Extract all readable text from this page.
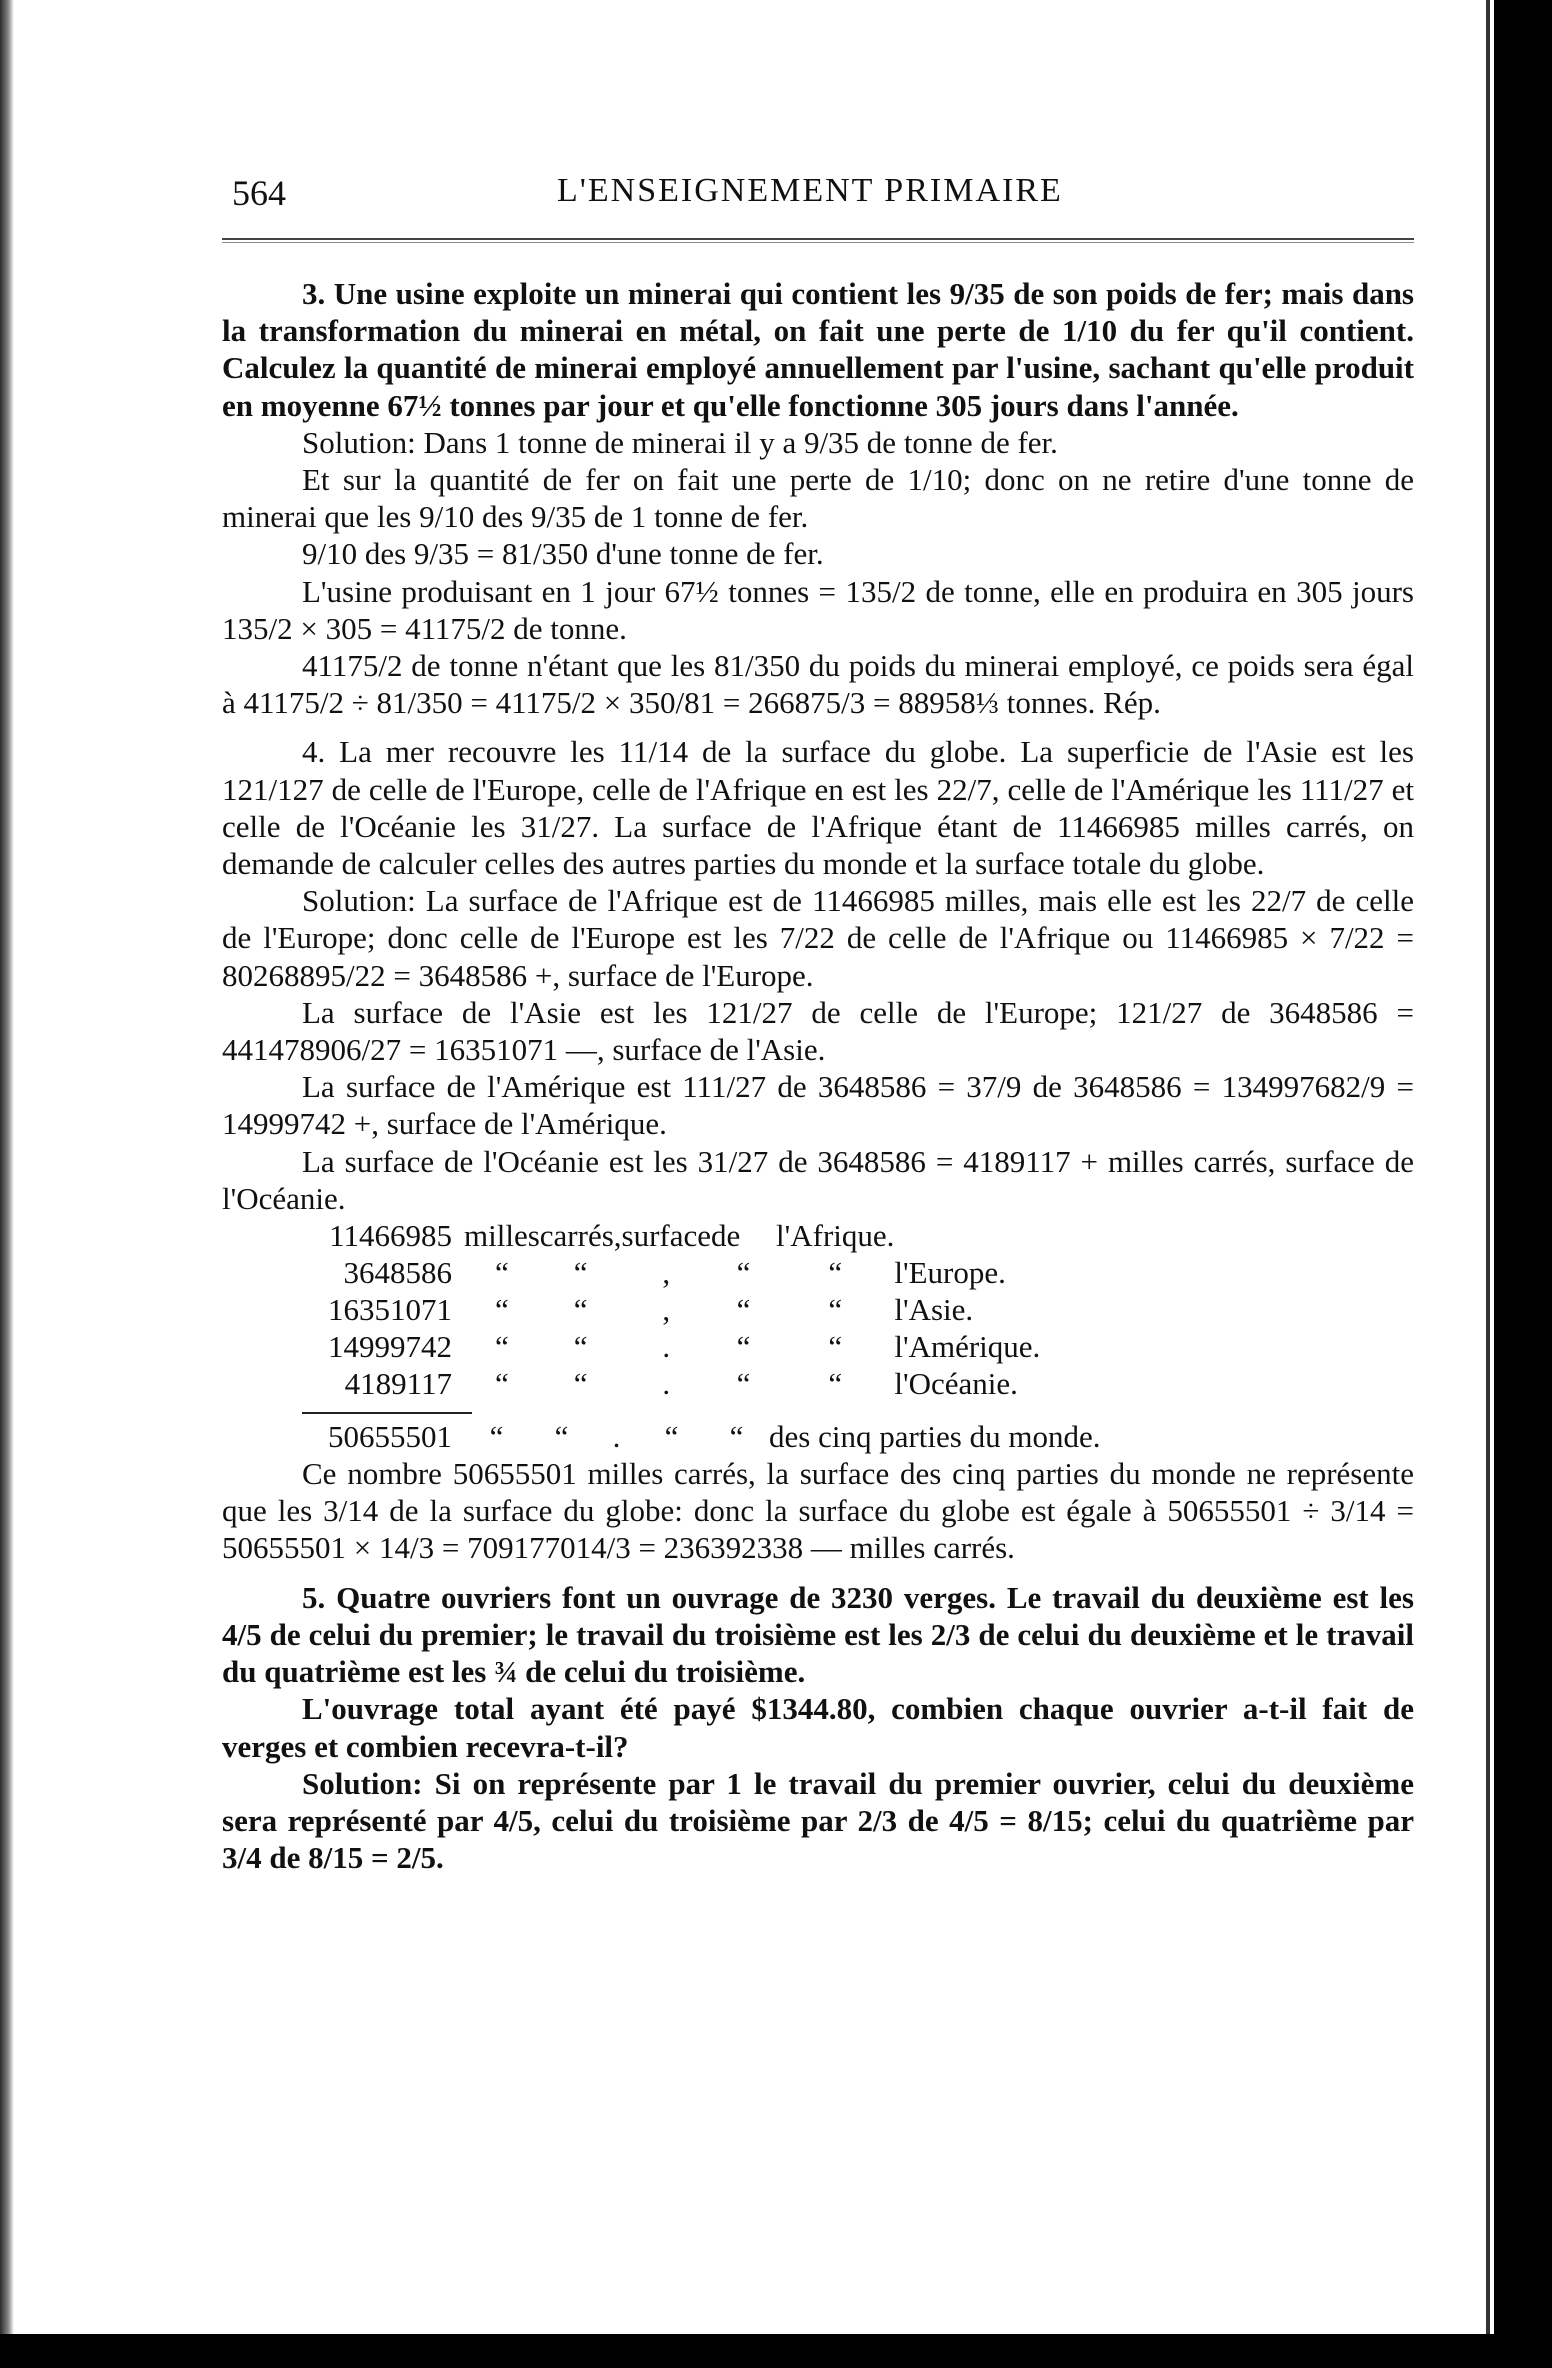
564	L'ENSEIGNEMENT PRIMAIRE

3. Une usine exploite un minerai qui contient les 9/35 de son poids de fer; mais dans la transformation du minerai en métal, on fait une perte de 1/10 du fer qu'il contient. Calculez la quantité de minerai employé annuellement par l'usine, sachant qu'elle produit en moyenne 67½ tonnes par jour et qu'elle fonctionne 305 jours dans l'année.

Solution: Dans 1 tonne de minerai il y a 9/35 de tonne de fer.

Et sur la quantité de fer on fait une perte de 1/10; donc on ne retire d'une tonne de minerai que les 9/10 des 9/35 de 1 tonne de fer.

9/10 des 9/35 = 81/350 d'une tonne de fer.

L'usine produisant en 1 jour 67½ tonnes = 135/2 de tonne, elle en produira en 305 jours 135/2 × 305 = 41175/2 de tonne.

41175/2 de tonne n'étant que les 81/350 du poids du minerai employé, ce poids sera égal à 41175/2 ÷ 81/350 = 41175/2 × 350/81 = 266875/3 = 88958⅓ tonnes. Rép.

4. La mer recouvre les 11/14 de la surface du globe. La superficie de l'Asie est les 121/127 de celle de l'Europe, celle de l'Afrique en est les 22/7, celle de l'Amérique les 111/27 et celle de l'Océanie les 31/27. La surface de l'Afrique étant de 11466985 milles carrés, on demande de calculer celles des autres parties du monde et la surface totale du globe.

Solution: La surface de l'Afrique est de 11466985 milles, mais elle est les 22/7 de celle de l'Europe; donc celle de l'Europe est les 7/22 de celle de l'Afrique ou 11466985 × 7/22 = 80268895/22 = 3648586 +, surface de l'Europe.

La surface de l'Asie est les 121/27 de celle de l'Europe; 121/27 de 3648586 = 441478906/27 = 16351071 —, surface de l'Asie.

La surface de l'Amérique est 111/27 de 3648586 = 37/9 de 3648586 = 134997682/9 = 14999742 +, surface de l'Amérique.

La surface de l'Océanie est les 31/27 de 3648586 = 4189117 + milles carrés, surface de l'Océanie.

11466985	milles	carrés,	surface	de	l'Afrique.	
3648586	“	“	,	“	“	l'Europe.
16351071	“	“	,	“	“	l'Asie.
14999742	“	“	.	“	“	l'Amérique.
4189117	“	“	.	“	“	l'Océanie.
50655501	“	“	.	“	“	des cinq parties du monde.

Ce nombre 50655501 milles carrés, la surface des cinq parties du monde ne représente que les 3/14 de la surface du globe: donc la surface du globe est égale à 50655501 ÷ 3/14 = 50655501 × 14/3 = 709177014/3 = 236392338 — milles carrés.

5. Quatre ouvriers font un ouvrage de 3230 verges. Le travail du deuxième est les 4/5 de celui du premier; le travail du troisième est les 2/3 de celui du deuxième et le travail du quatrième est les ¾ de celui du troisième.

L'ouvrage total ayant été payé $1344.80, combien chaque ouvrier a-t-il fait de verges et combien recevra-t-il?

Solution: Si on représente par 1 le travail du premier ouvrier, celui du deuxième sera représenté par 4/5, celui du troisième par 2/3 de 4/5 = 8/15; celui du quatrième par 3/4 de 8/15 = 2/5.
